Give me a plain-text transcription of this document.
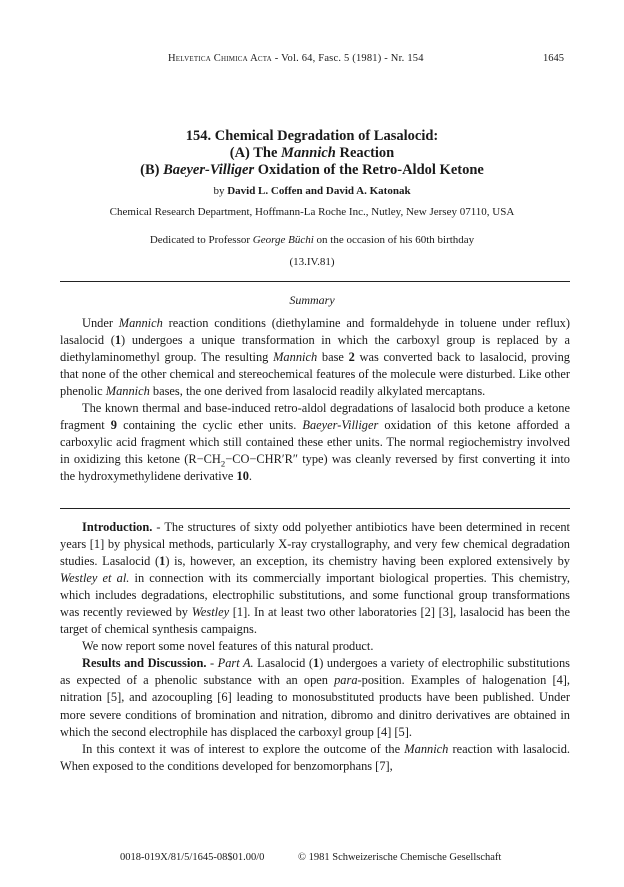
Helvetica Chimica Acta - Vol. 64, Fasc. 5 (1981) - Nr. 154	1645
154. Chemical Degradation of Lasalocid:
(A) The Mannich Reaction
(B) Baeyer-Villiger Oxidation of the Retro-Aldol Ketone
by David L. Coffen and David A. Katonak
Chemical Research Department, Hoffmann-La Roche Inc., Nutley, New Jersey 07110, USA
Dedicated to Professor George Büchi on the occasion of his 60th birthday
(13.IV.81)
Summary

Under Mannich reaction conditions (diethylamine and formaldehyde in toluene under reflux) lasalocid (1) undergoes a unique transformation in which the carboxyl group is replaced by a diethylaminomethyl group. The resulting Mannich base 2 was converted back to lasalocid, proving that none of the other chemical and stereochemical features of the molecule were disturbed. Like other phenolic Mannich bases, the one derived from lasalocid readily alkylated mercaptans.

The known thermal and base-induced retro-aldol degradations of lasalocid both produce a ketone fragment 9 containing the cyclic ether units. Baeyer-Villiger oxidation of this ketone afforded a carboxylic acid fragment which still contained these ether units. The normal regiochemistry involved in oxidizing this ketone ($R-CH_2-CO-CHR'R''$ type) was cleanly reversed by first converting it into the hydroxymethylidene derivative 10.

Introduction. - The structures of sixty odd polyether antibiotics have been determined in recent years [1] by physical methods, particularly X-ray crystallography, and very few chemical degradation studies. Lasalocid (1) is, however, an exception, its chemistry having been explored extensively by Westley et al. in connection with its commercially important biological properties. This chemistry, which includes degradations, electrophilic substitutions, and some functional group transformations was recently reviewed by Westley [1]. In at least two other laboratories [2] [3], lasalocid has been the target of chemical synthesis campaigns.

We now report some novel features of this natural product.

Results and Discussion. - Part A. Lasalocid (1) undergoes a variety of electrophilic substitutions as expected of a phenolic substance with an open para-position. Examples of halogenation [4], nitration [5], and azocoupling [6] leading to monosubstituted products have been published. Under more severe conditions of bromination and nitration, dibromo and dinitro derivatives are obtained in which the second electrophile has displaced the carboxyl group [4] [5].

In this context it was of interest to explore the outcome of the Mannich reaction with lasalocid. When exposed to the conditions developed for benzomorphans [7],

0018-019X/81/5/1645-08$01.00/0	© 1981 Schweizerische Chemische Gesellschaft
